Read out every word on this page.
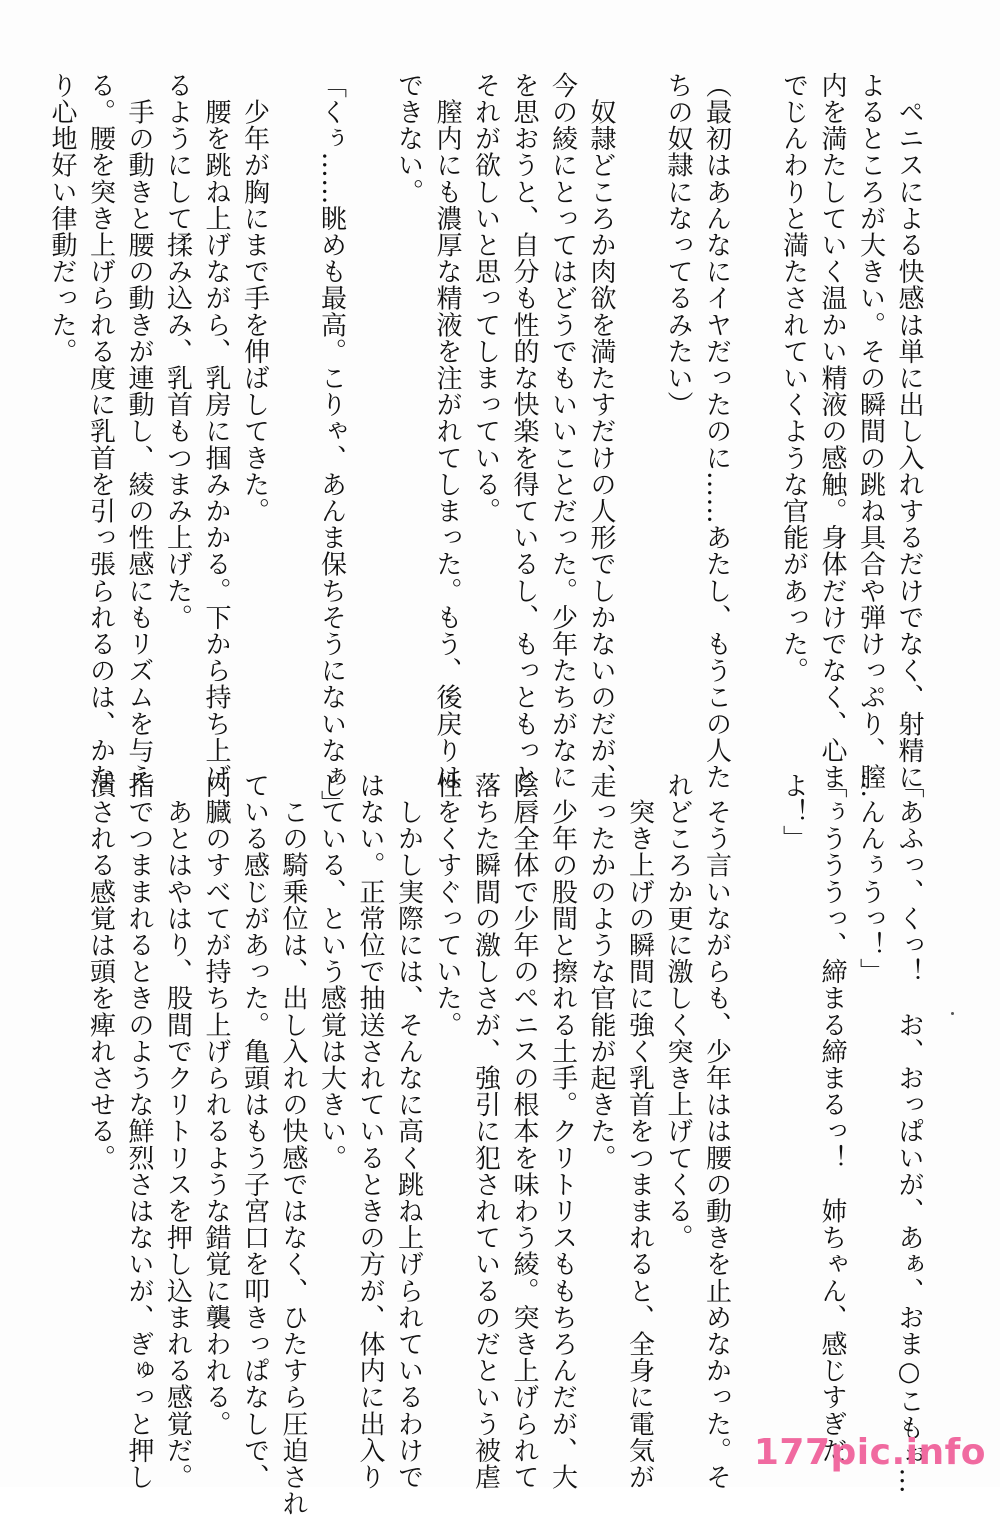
　ペニスによる快感は単に出し入れするだけでなく、射精に
よるところが大きい。その瞬間の跳ね具合や弾けっぷり、膣
内を満たしていく温かい精液の感触。身体だけでなく、心ま
でじんわりと満たされていくような官能があった。

（最初はあんなにイヤだったのに……あたし、もうこの人た
ちの奴隷になってるみたい）

　奴隷どころか肉欲を満たすだけの人形でしかないのだが、
今の綾にとってはどうでもいいことだった。少年たちがなに
を思おうと、自分も性的な快楽を得ているし、もっともっと
それが欲しいと思ってしまっている。
　膣内にも濃厚な精液を注がれてしまった。もう、後戻りは
できない。

「くぅ……眺めも最高。こりゃ、あんま保ちそうにないなぁ」

　少年が胸にまで手を伸ばしてきた。
　腰を跳ね上げながら、乳房に掴みかかる。下から持ち上げ
るようにして揉み込み、乳首もつまみ上げた。
　手の動きと腰の動きが連動し、綾の性感にもリズムを与え
る。腰を突き上げられる度に乳首を引っ張られるのは、かな
り心地好い律動だった。
「あふっ、くっ！　お、おっぱいが、あぁ、おま○こもぉ…
…んんぅうっ！」
「ぅうううっ、締まる締まるっ！　姉ちゃん、感じすぎだ
よ！」

　そう言いながらも、少年はは腰の動きを止めなかった。そ
れどころか更に激しく突き上げてくる。
　突き上げの瞬間に強く乳首をつままれると、全身に電気が
走ったかのような官能が起きた。
　少年の股間と擦れる土手。クリトリスももちろんだが、大
陰唇全体で少年のペニスの根本を味わう綾。突き上げられて
落ちた瞬間の激しさが、強引に犯されているのだという被虐
性をくすぐっていた。
　しかし実際には、そんなに高く跳ね上げられているわけで
はない。正常位で抽送されているときの方が、体内に出入り
している、という感覚は大きい。
　この騎乗位は、出し入れの快感ではなく、ひたすら圧迫され
ている感じがあった。亀頭はもう子宮口を叩きっぱなしで、
内臓のすべてが持ち上げられるような錯覚に襲われる。
　あとはやはり、股間でクリトリスを押し込まれる感覚だ。
指でつままれるときのような鮮烈さはないが、ぎゅっと押し
潰される感覚は頭を痺れさせる。
177pic.info
